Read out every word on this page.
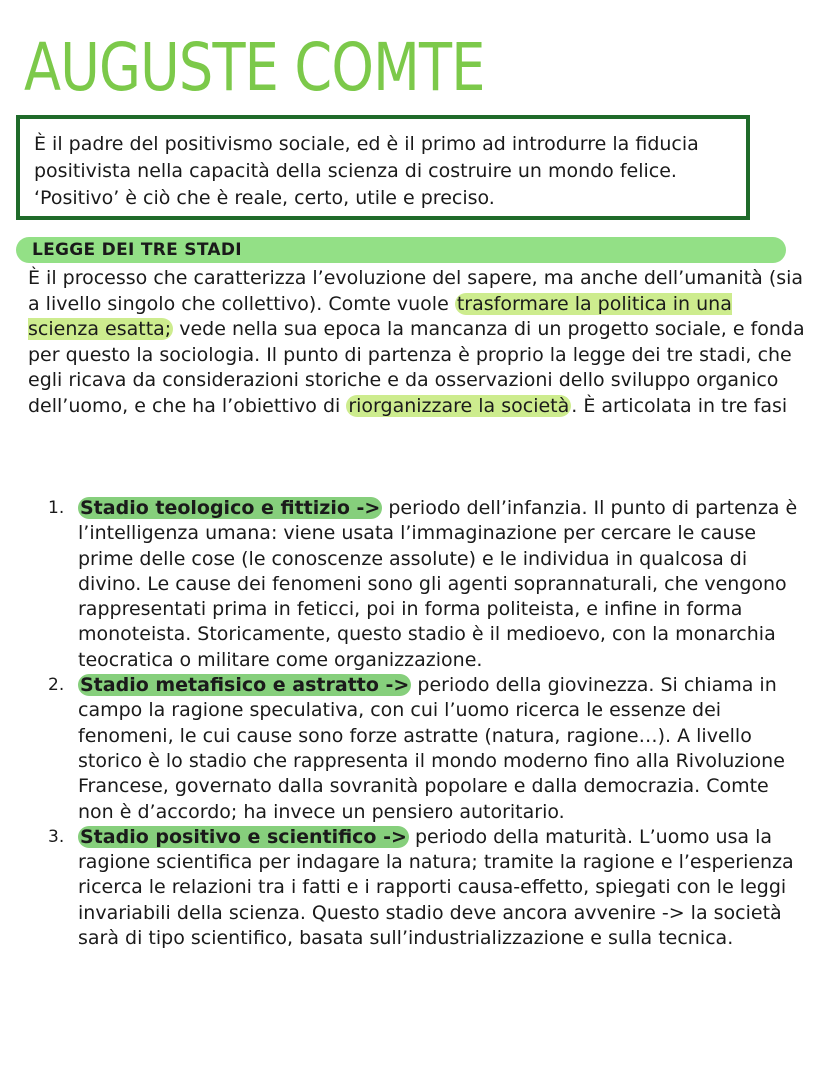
AUGUSTE COMTE
È il padre del positivismo sociale, ed è il primo ad introdurre la fiducia positivista nella capacità della scienza di costruire un mondo felice. ‘Positivo’ è ciò che è reale, certo, utile e preciso.
LEGGE DEI TRE STADI
È il processo che caratterizza l’evoluzione del sapere, ma anche dell’umanità (sia a livello singolo che collettivo). Comte vuole trasformare la politica in una scienza esatta; vede nella sua epoca la mancanza di un progetto sociale, e fonda per questo la sociologia. Il punto di partenza è proprio la legge dei tre stadi, che egli ricava da considerazioni storiche e da osservazioni dello sviluppo organico dell’uomo, e che ha l’obiettivo di riorganizzare la società . È articolata in tre fasi

1. Stadio teologico e fittizio -> periodo dell’infanzia. Il punto di partenza è l’intelligenza umana: viene usata l’immaginazione per cercare le cause prime delle cose (le conoscenze assolute) e le individua in qualcosa di divino. Le cause dei fenomeni sono gli agenti soprannaturali, che vengono rappresentati prima in feticci, poi in forma politeista, e infine in forma monoteista. Storicamente, questo stadio è il medioevo, con la monarchia teocratica o militare come organizzazione.

2. Stadio metafisico e astratto -> periodo della giovinezza. Si chiama in campo la ragione speculativa, con cui l’uomo ricerca le essenze dei fenomeni, le cui cause sono forze astratte (natura, ragione…). A livello storico è lo stadio che rappresenta il mondo moderno fino alla Rivoluzione Francese, governato dalla sovranità popolare e dalla democrazia. Comte non è d’accordo; ha invece un pensiero autoritario.

3. Stadio positivo e scientifico -> periodo della maturità. L’uomo usa la ragione scientifica per indagare la natura; tramite la ragione e l’esperienza ricerca le relazioni tra i fatti e i rapporti causa-effetto, spiegati con le leggi invariabili della scienza. Questo stadio deve ancora avvenire -> la società sarà di tipo scientifico, basata sull’industrializzazione e sulla tecnica.
